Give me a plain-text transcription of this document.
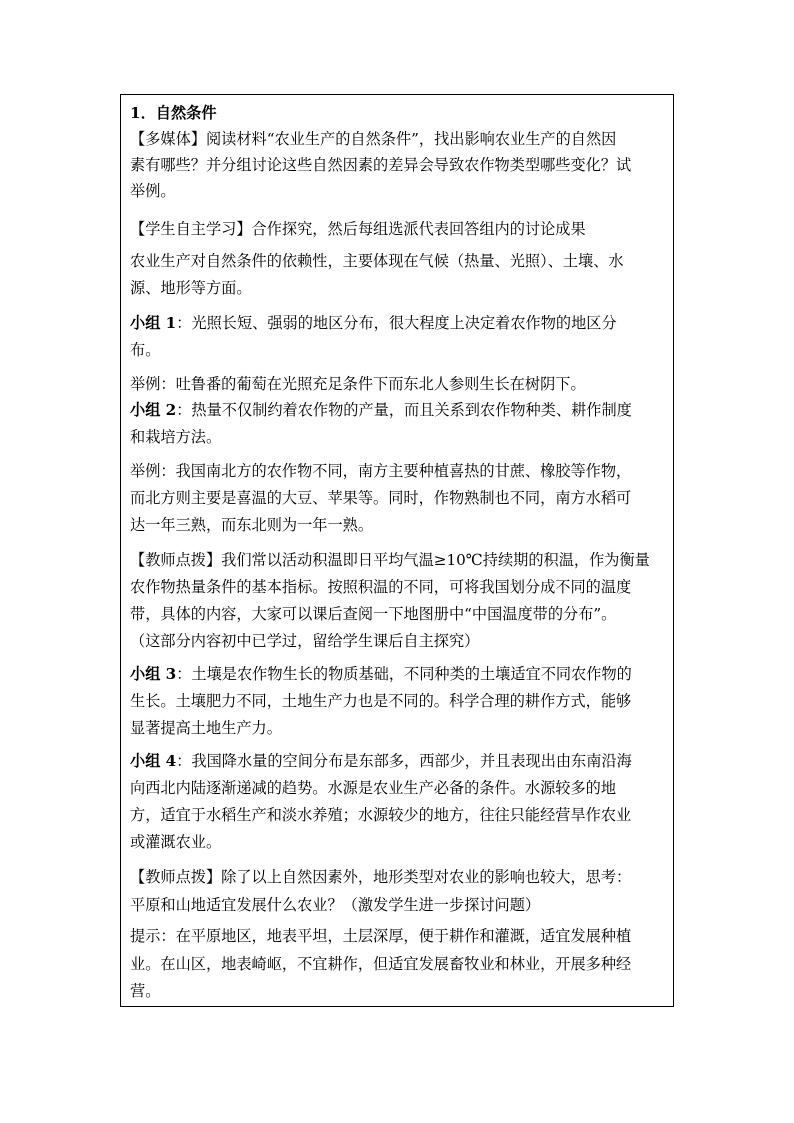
1．自然条件
【多媒体】阅读材料“农业生产的自然条件”，找出影响农业生产的自然因
素有哪些？并分组讨论这些自然因素的差异会导致农作物类型哪些变化？试
举例。
【学生自主学习】合作探究，然后每组选派代表回答组内的讨论成果
农业生产对自然条件的依赖性，主要体现在气候（热量、光照）、土壤、水
源、地形等方面。
小组 1：光照长短、强弱的地区分布，很大程度上决定着农作物的地区分
布。
举例：吐鲁番的葡萄在光照充足条件下而东北人参则生长在树阴下。
小组 2：热量不仅制约着农作物的产量，而且关系到农作物种类、耕作制度
和栽培方法。
举例：我国南北方的农作物不同，南方主要种植喜热的甘蔗、橡胶等作物，
而北方则主要是喜温的大豆、苹果等。同时，作物熟制也不同，南方水稻可
达一年三熟，而东北则为一年一熟。
【教师点拨】我们常以活动积温即日平均气温≥10℃持续期的积温，作为衡量
农作物热量条件的基本指标。按照积温的不同，可将我国划分成不同的温度
带，具体的内容，大家可以课后查阅一下地图册中“中国温度带的分布”。
（这部分内容初中已学过，留给学生课后自主探究）
小组 3：土壤是农作物生长的物质基础，不同种类的土壤适宜不同农作物的
生长。土壤肥力不同，土地生产力也是不同的。科学合理的耕作方式，能够
显著提高土地生产力。
小组 4：我国降水量的空间分布是东部多，西部少，并且表现出由东南沿海
向西北内陆逐渐递减的趋势。水源是农业生产必备的条件。水源较多的地
方，适宜于水稻生产和淡水养殖；水源较少的地方，往往只能经营旱作农业
或灌溉农业。
【教师点拨】除了以上自然因素外，地形类型对农业的影响也较大，思考：
平原和山地适宜发展什么农业？（激发学生进一步探讨问题）
提示：在平原地区，地表平坦，土层深厚，便于耕作和灌溉，适宜发展种植
业。在山区，地表崎岖，不宜耕作，但适宜发展畜牧业和林业，开展多种经
营。
